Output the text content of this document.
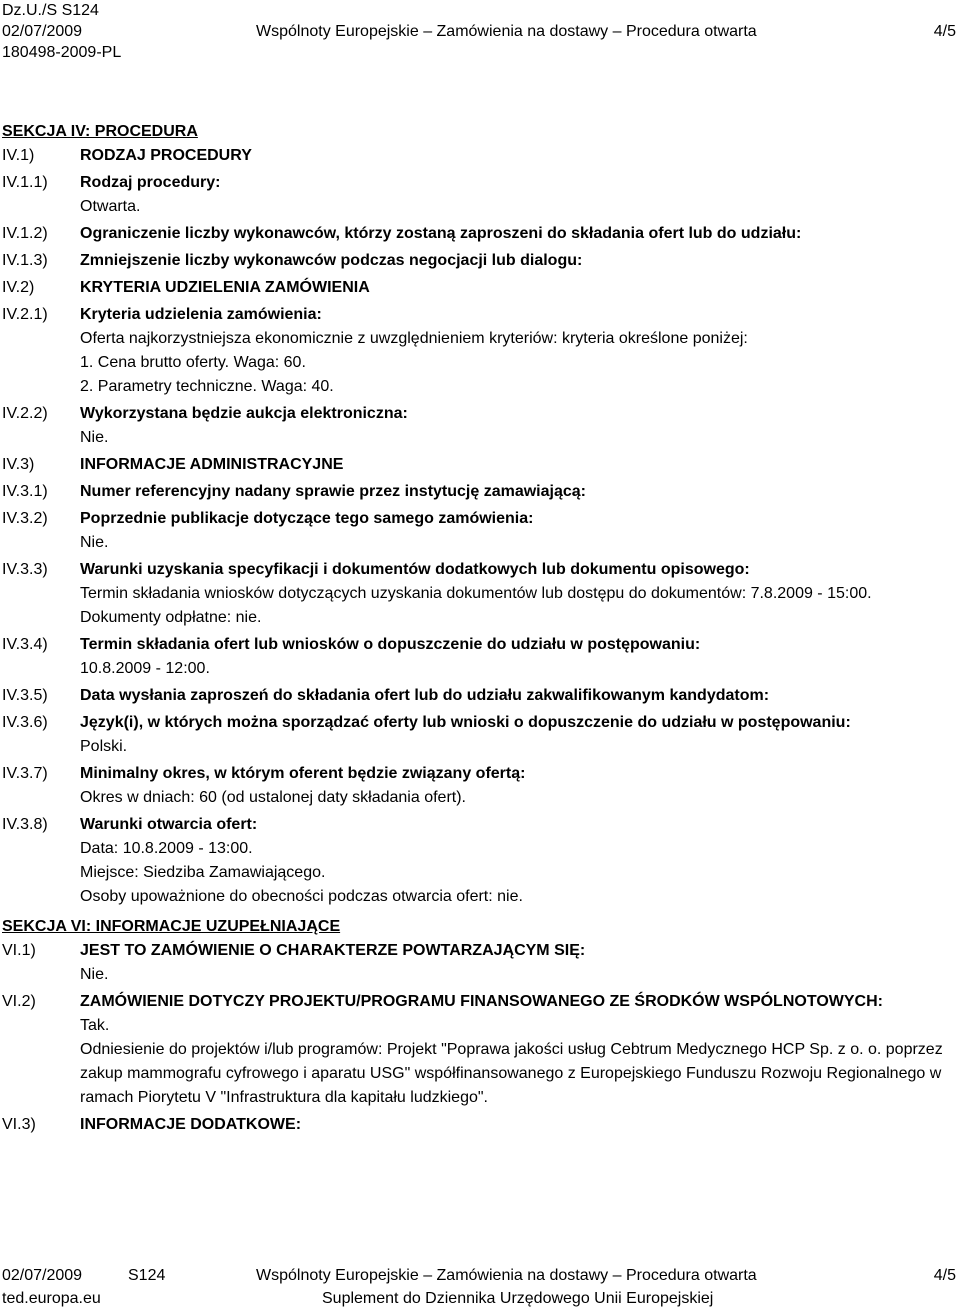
Dz.U./S S124
02/07/2009	Wspólnoty Europejskie – Zamówienia na dostawy – Procedura otwarta	4/5
180498-2009-PL
SEKCJA IV: PROCEDURA
IV.1)	RODZAJ PROCEDURY
IV.1.1)	Rodzaj procedury:
Otwarta.
IV.1.2)	Ograniczenie liczby wykonawców, którzy zostaną zaproszeni do składania ofert lub do udziału:
IV.1.3)	Zmniejszenie liczby wykonawców podczas negocjacji lub dialogu:
IV.2)	KRYTERIA UDZIELENIA ZAMÓWIENIA
IV.2.1)	Kryteria udzielenia zamówienia:
Oferta najkorzystniejsza ekonomicznie z uwzględnieniem kryteriów: kryteria określone poniżej:
1. Cena brutto oferty. Waga: 60.
2. Parametry techniczne. Waga: 40.
IV.2.2)	Wykorzystana będzie aukcja elektroniczna:
Nie.
IV.3)	INFORMACJE ADMINISTRACYJNE
IV.3.1)	Numer referencyjny nadany sprawie przez instytucję zamawiającą:
IV.3.2)	Poprzednie publikacje dotyczące tego samego zamówienia:
Nie.
IV.3.3)	Warunki uzyskania specyfikacji i dokumentów dodatkowych lub dokumentu opisowego:
Termin składania wniosków dotyczących uzyskania dokumentów lub dostępu do dokumentów: 7.8.2009 - 15:00.
Dokumenty odpłatne: nie.
IV.3.4)	Termin składania ofert lub wniosków o dopuszczenie do udziału w postępowaniu:
10.8.2009 - 12:00.
IV.3.5)	Data wysłania zaproszeń do składania ofert lub do udziału zakwalifikowanym kandydatom:
IV.3.6)	Język(i), w których można sporządzać oferty lub wnioski o dopuszczenie do udziału w postępowaniu:
Polski.
IV.3.7)	Minimalny okres, w którym oferent będzie związany ofertą:
Okres w dniach: 60 (od ustalonej daty składania ofert).
IV.3.8)	Warunki otwarcia ofert:
Data: 10.8.2009 - 13:00.
Miejsce: Siedziba Zamawiającego.
Osoby upoważnione do obecności podczas otwarcia ofert: nie.
SEKCJA VI: INFORMACJE UZUPEŁNIAJĄCE
VI.1)	JEST TO ZAMÓWIENIE O CHARAKTERZE POWTARZAJĄCYM SIĘ:
Nie.
VI.2)	ZAMÓWIENIE DOTYCZY PROJEKTU/PROGRAMU FINANSOWANEGO ZE ŚRODKÓW WSPÓLNOTOWYCH:
Tak.
Odniesienie do projektów i/lub programów: Projekt "Poprawa jakości usług Cebtrum Medycznego HCP Sp. z o. o. poprzez zakup mammografu cyfrowego i aparatu USG" współfinansowanego z Europejskiego Funduszu Rozwoju Regionalnego w ramach Piorytetu V "Infrastruktura dla kapitału ludzkiego".
VI.3)	INFORMACJE DODATKOWE:
02/07/2009	S124	Wspólnoty Europejskie – Zamówienia na dostawy – Procedura otwarta	4/5
ted.europa.eu	Suplement do Dziennika Urzędowego Unii Europejskiej
